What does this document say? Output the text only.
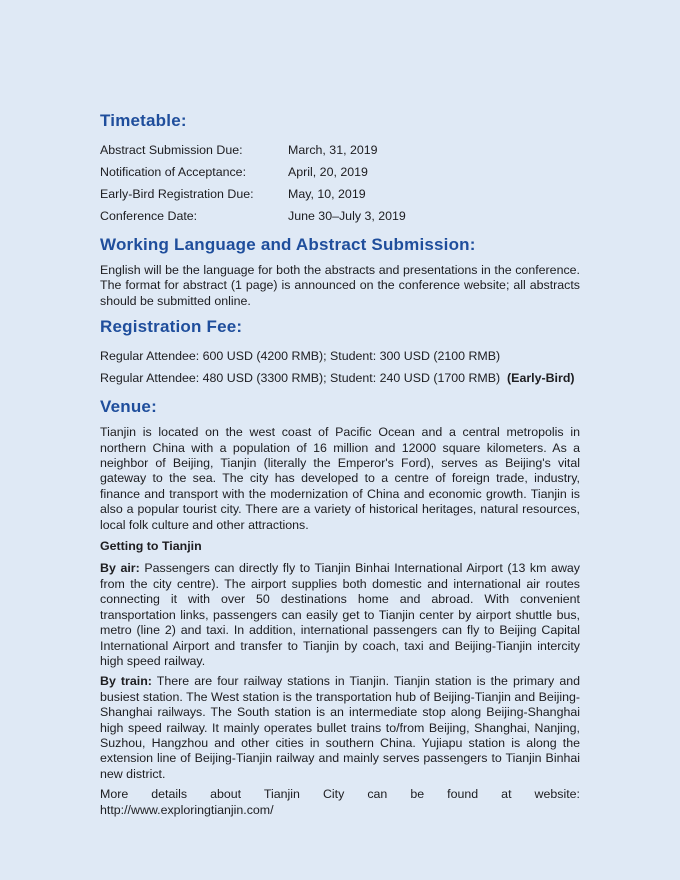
Timetable:
Abstract Submission Due:	March, 31, 2019
Notification of Acceptance:	April, 20, 2019
Early-Bird Registration Due:	May, 10, 2019
Conference Date:	June 30–July 3, 2019
Working Language and Abstract Submission:

English will be the language for both the abstracts and presentations in the conference. The format for abstract (1 page) is announced on the conference website; all abstracts should be submitted online.

Registration Fee:

Regular Attendee: 600 USD (4200 RMB); Student: 300 USD (2100 RMB)

Regular Attendee: 480 USD (3300 RMB); Student: 240 USD (1700 RMB) (Early-Bird)

Venue:

Tianjin is located on the west coast of Pacific Ocean and a central metropolis in northern China with a population of 16 million and 12000 square kilometers. As a neighbor of Beijing, Tianjin (literally the Emperor's Ford), serves as Beijing's vital gateway to the sea. The city has developed to a centre of foreign trade, industry, finance and transport with the modernization of China and economic growth. Tianjin is also a popular tourist city. There are a variety of historical heritages, natural resources, local folk culture and other attractions.

Getting to Tianjin

By air: Passengers can directly fly to Tianjin Binhai International Airport (13 km away from the city centre). The airport supplies both domestic and international air routes connecting it with over 50 destinations home and abroad. With convenient transportation links, passengers can easily get to Tianjin center by airport shuttle bus, metro (line 2) and taxi. In addition, international passengers can fly to Beijing Capital International Airport and transfer to Tianjin by coach, taxi and Beijing-Tianjin intercity high speed railway.

By train: There are four railway stations in Tianjin. Tianjin station is the primary and busiest station. The West station is the transportation hub of Beijing-Tianjin and Beijing-Shanghai railways. The South station is an intermediate stop along Beijing-Shanghai high speed railway. It mainly operates bullet trains to/from Beijing, Shanghai, Nanjing, Suzhou, Hangzhou and other cities in southern China. Yujiapu station is along the extension line of Beijing-Tianjin railway and mainly serves passengers to Tianjin Binhai new district.

More details about Tianjin City can be found at website: http://www.exploringtianjin.com/
